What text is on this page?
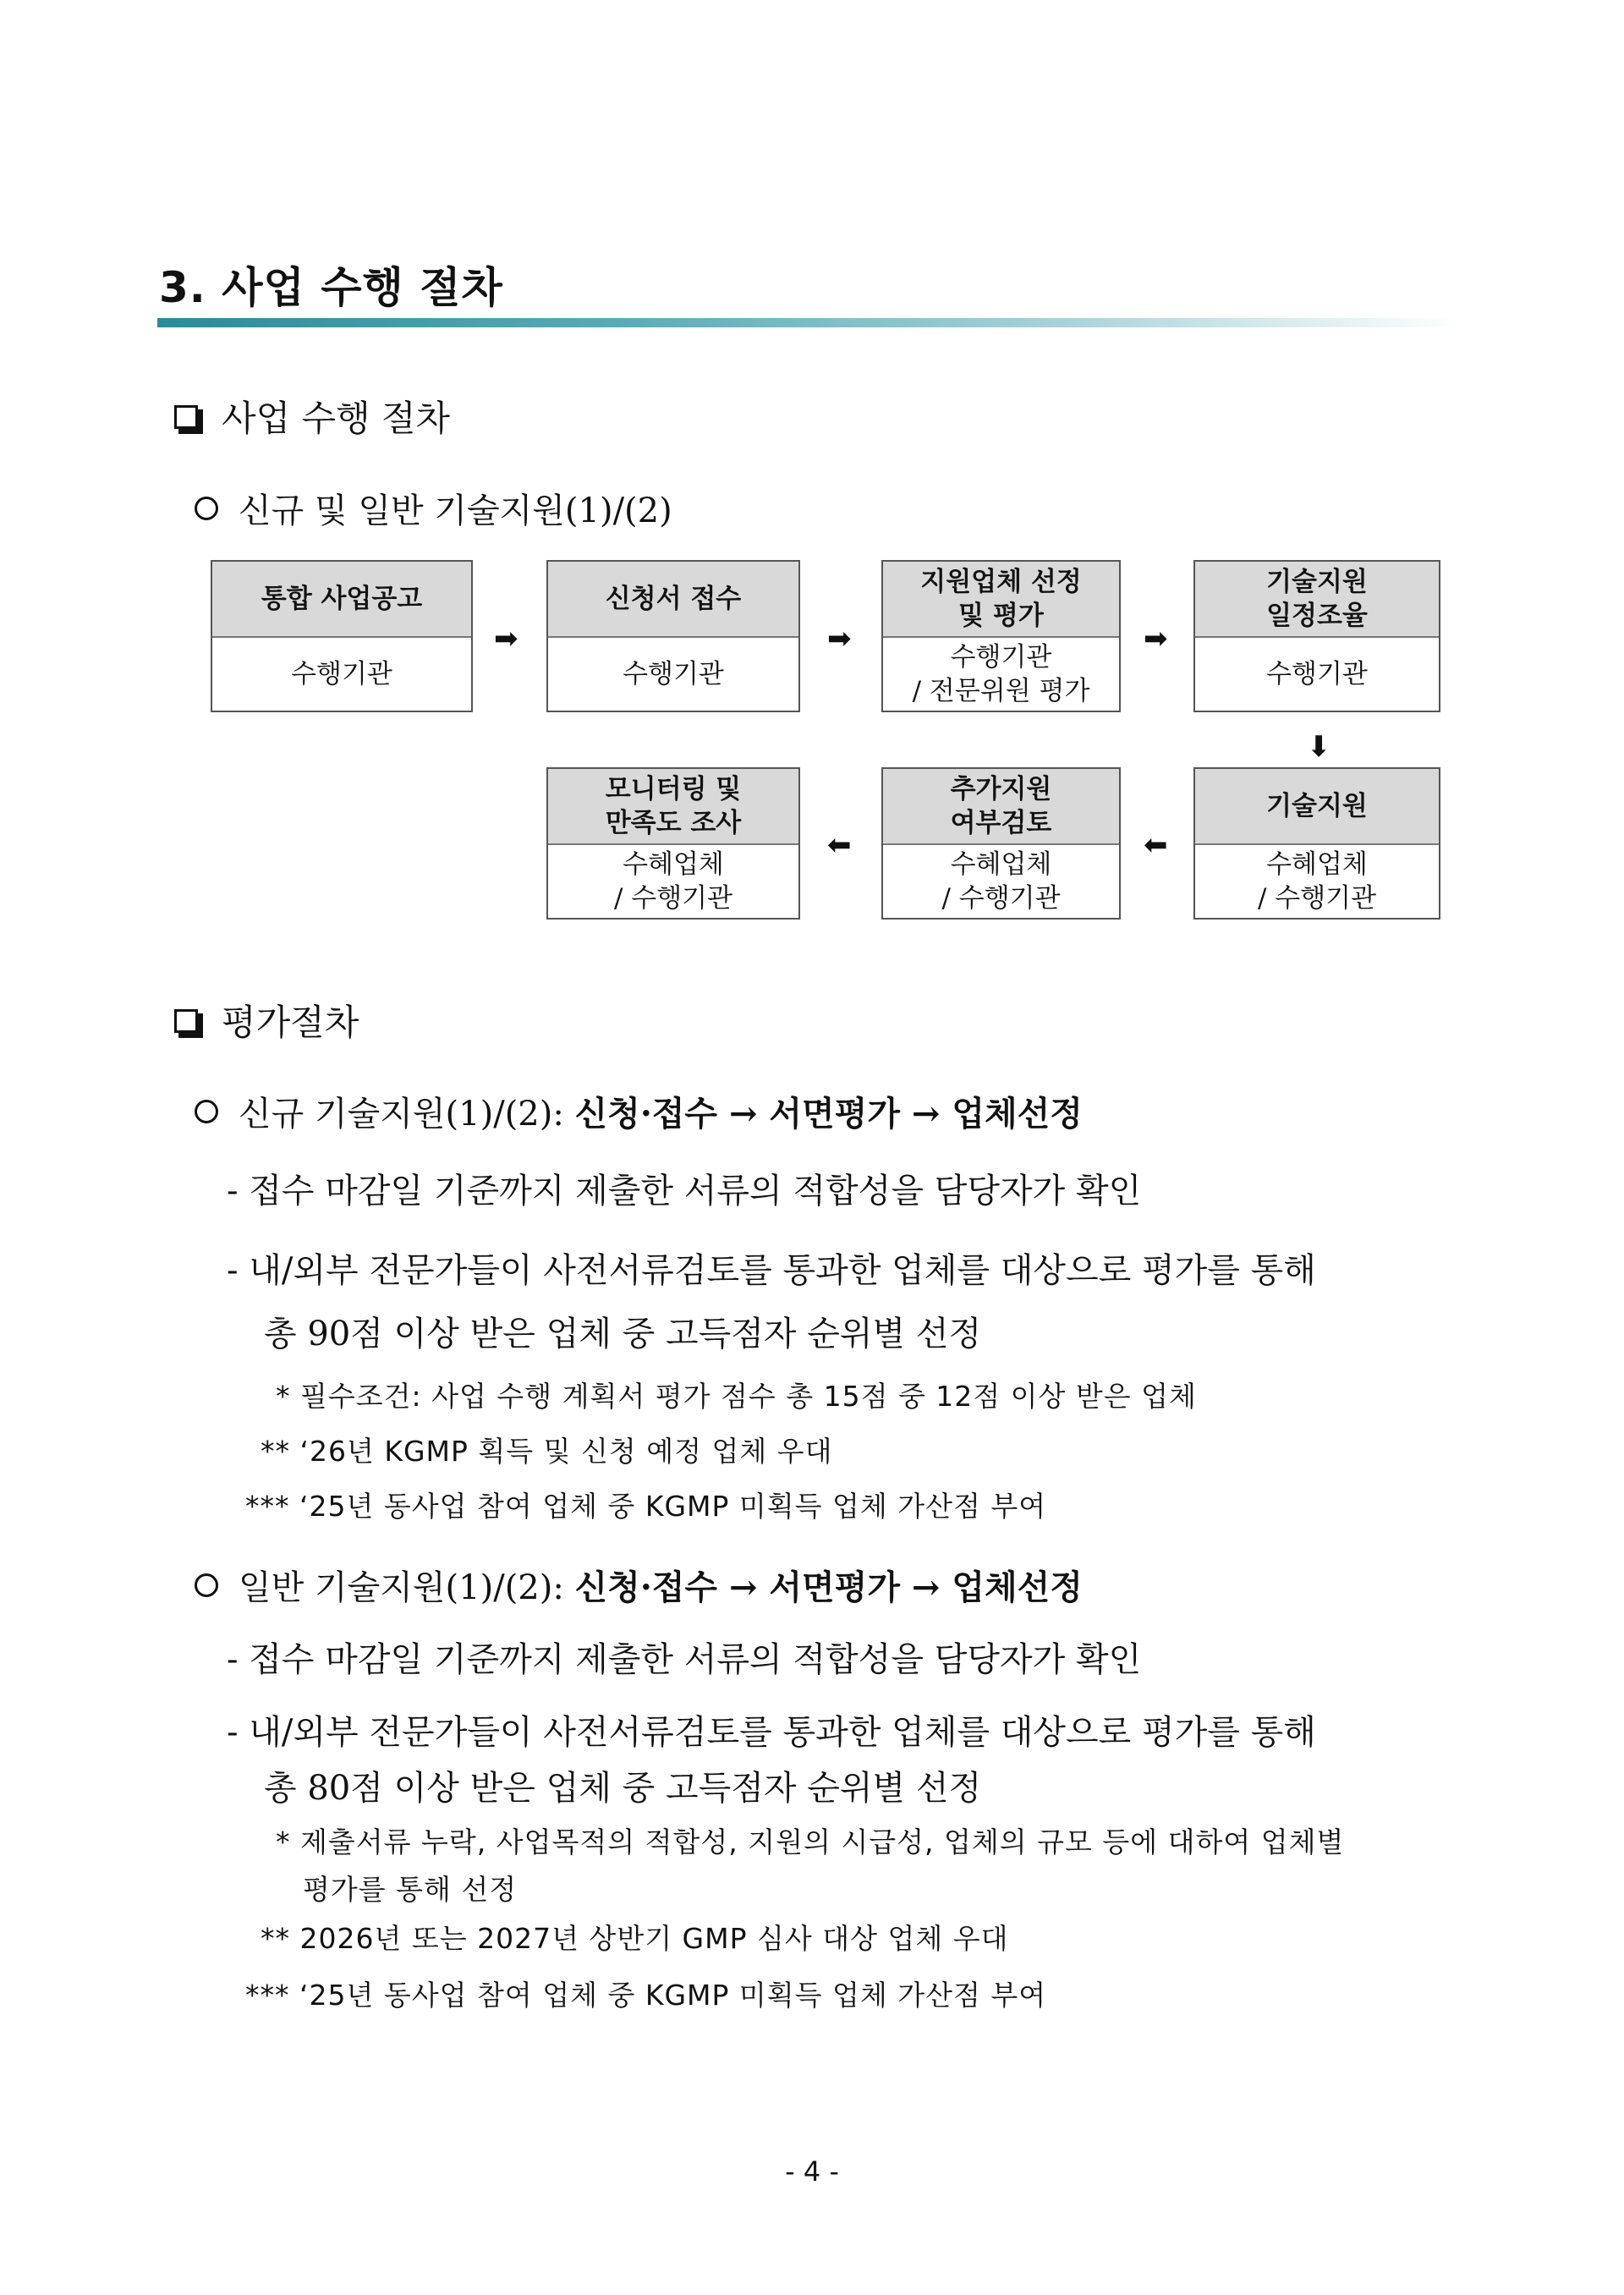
3. 사업 수행 절차
사업 수행 절차
신규 및 일반 기술지원(1)/(2)
통합 사업공고
수행기관
➡
신청서 접수
수행기관
➡
지원업체 선정
및 평가
수행기관
/ 전문위원 평가
➡
기술지원
일정조율
수행기관
⬇
모니터링 및
만족도 조사
수혜업체
/ 수행기관
⬅
추가지원
여부검토
수혜업체
/ 수행기관
⬅
기술지원
수혜업체
/ 수행기관
평가절차
신규 기술지원(1)/(2): 신청·접수 → 서면평가 → 업체선정
- 접수 마감일 기준까지 제출한 서류의 적합성을 담당자가 확인
- 내/외부 전문가들이 사전서류검토를 통과한 업체를 대상으로 평가를 통해
총 90점 이상 받은 업체 중 고득점자 순위별 선정
* 필수조건: 사업 수행 계획서 평가 점수 총 15점 중 12점 이상 받은 업체
** ‘26년 KGMP 획득 및 신청 예정 업체 우대
*** ‘25년 동사업 참여 업체 중 KGMP 미획득 업체 가산점 부여
일반 기술지원(1)/(2): 신청·접수 → 서면평가 → 업체선정
- 접수 마감일 기준까지 제출한 서류의 적합성을 담당자가 확인
- 내/외부 전문가들이 사전서류검토를 통과한 업체를 대상으로 평가를 통해
총 80점 이상 받은 업체 중 고득점자 순위별 선정
* 제출서류 누락, 사업목적의 적합성, 지원의 시급성, 업체의 규모 등에 대하여 업체별
평가를 통해 선정
** 2026년 또는 2027년 상반기 GMP 심사 대상 업체 우대
*** ‘25년 동사업 참여 업체 중 KGMP 미획득 업체 가산점 부여
- 4 -
